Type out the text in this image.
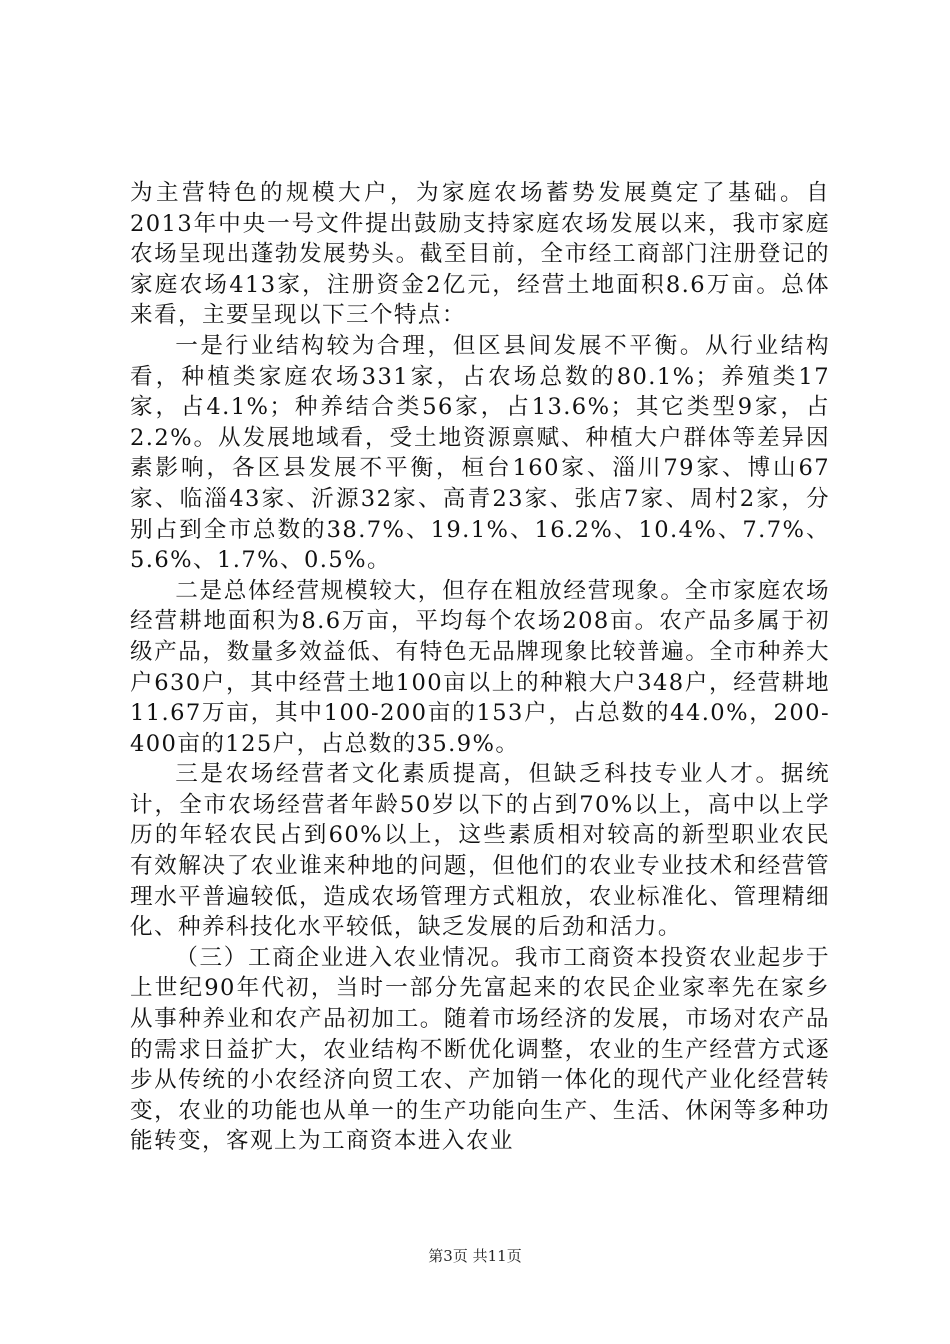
为主营特色的规模大户，为家庭农场蓄势发展奠定了基础。自2013年中央一号文件提出鼓励支持家庭农场发展以来，我市家庭农场呈现出蓬勃发展势头。截至目前，全市经工商部门注册登记的家庭农场413家，注册资金2亿元，经营土地面积8.6万亩。总体来看，主要呈现以下三个特点：

一是行业结构较为合理，但区县间发展不平衡。从行业结构看，种植类家庭农场331家，占农场总数的80.1%；养殖类17家，占4.1%；种养结合类56家，占13.6%；其它类型9家，占2.2%。从发展地域看，受土地资源禀赋、种植大户群体等差异因素影响，各区县发展不平衡，桓台160家、淄川79家、博山67家、临淄43家、沂源32家、高青23家、张店7家、周村2家，分别占到全市总数的38.7%、19.1%、16.2%、10.4%、7.7%、5.6%、1.7%、0.5%。

二是总体经营规模较大，但存在粗放经营现象。全市家庭农场经营耕地面积为8.6万亩，平均每个农场208亩。农产品多属于初级产品，数量多效益低、有特色无品牌现象比较普遍。全市种养大户630户，其中经营土地100亩以上的种粮大户348户，经营耕地11.67万亩，其中100-200亩的153户，占总数的44.0%，200-400亩的125户，占总数的35.9%。

三是农场经营者文化素质提高，但缺乏科技专业人才。据统计，全市农场经营者年龄50岁以下的占到70%以上，高中以上学历的年轻农民占到60%以上，这些素质相对较高的新型职业农民有效解决了农业谁来种地的问题，但他们的农业专业技术和经营管理水平普遍较低，造成农场管理方式粗放，农业标准化、管理精细化、种养科技化水平较低，缺乏发展的后劲和活力。

（三）工商企业进入农业情况。我市工商资本投资农业起步于上世纪90年代初，当时一部分先富起来的农民企业家率先在家乡从事种养业和农产品初加工。随着市场经济的发展，市场对农产品的需求日益扩大，农业结构不断优化调整，农业的生产经营方式逐步从传统的小农经济向贸工农、产加销一体化的现代产业化经营转变，农业的功能也从单一的生产功能向生产、生活、休闲等多种功能转变，客观上为工商资本进入农业

第3页 共11页
